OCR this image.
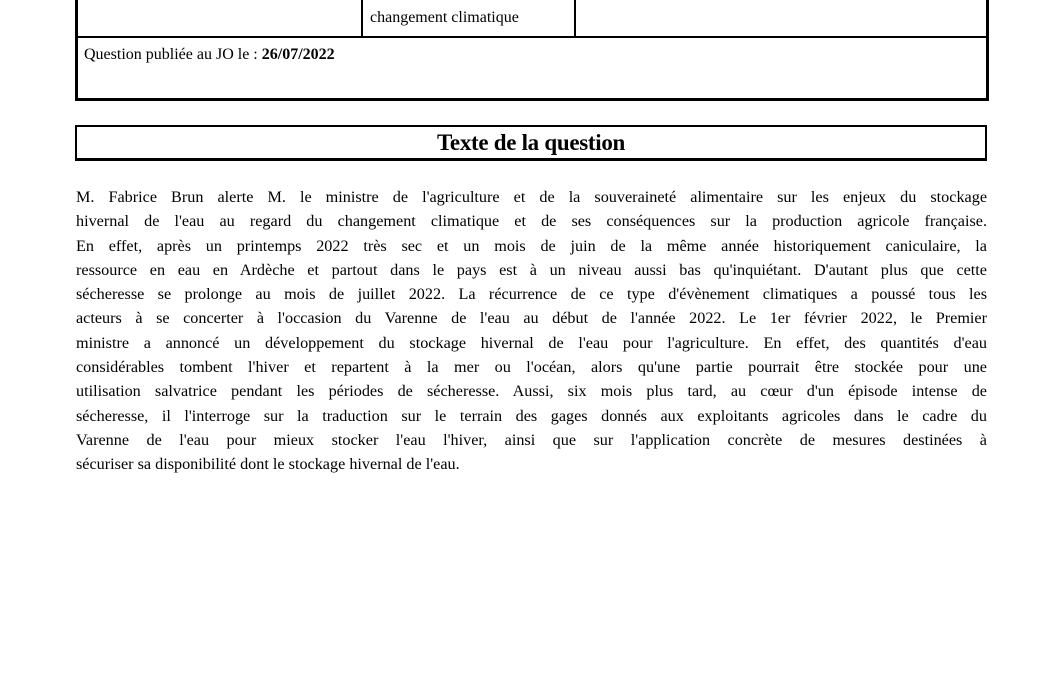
changement climatique
Question publiée au JO le : 26/07/2022
Texte de la question
M. Fabrice Brun alerte M. le ministre de l'agriculture et de la souveraineté alimentaire sur les enjeux du stockage
hivernal de l'eau au regard du changement climatique et de ses conséquences sur la production agricole française.
En effet, après un printemps 2022 très sec et un mois de juin de la même année historiquement caniculaire, la
ressource en eau en Ardèche et partout dans le pays est à un niveau aussi bas qu'inquiétant. D'autant plus que cette
sécheresse se prolonge au mois de juillet 2022. La récurrence de ce type d'évènement climatiques a poussé tous les
acteurs à se concerter à l'occasion du Varenne de l'eau au début de l'année 2022. Le 1er février 2022, le Premier
ministre a annoncé un développement du stockage hivernal de l'eau pour l'agriculture. En effet, des quantités d'eau
considérables tombent l'hiver et repartent à la mer ou l'océan, alors qu'une partie pourrait être stockée pour une
utilisation salvatrice pendant les périodes de sécheresse. Aussi, six mois plus tard, au cœur d'un épisode intense de
sécheresse, il l'interroge sur la traduction sur le terrain des gages donnés aux exploitants agricoles dans le cadre du
Varenne de l'eau pour mieux stocker l'eau l'hiver, ainsi que sur l'application concrète de mesures destinées à
sécuriser sa disponibilité dont le stockage hivernal de l'eau.
